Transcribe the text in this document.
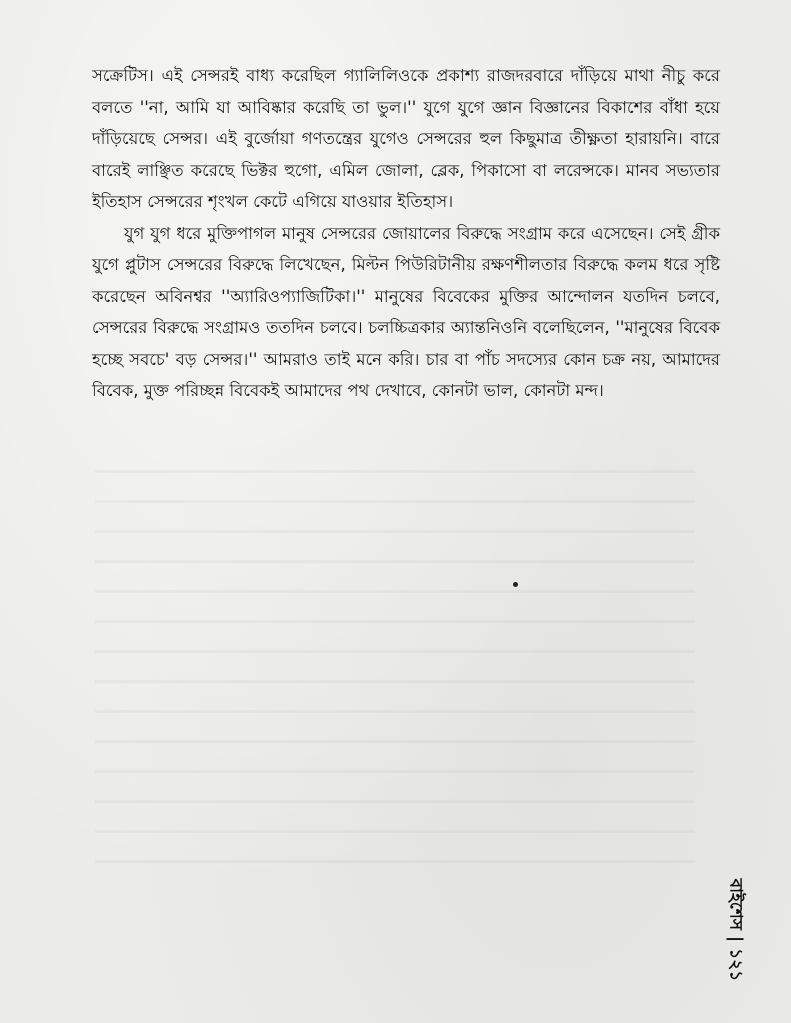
সক্রেটিস। এই সেন্সরই বাধ্য করেছিল গ্যালিলিওকে প্রকাশ্য রাজদরবারে দাঁড়িয়ে মাথা নীচু করে বলতে ''না, আমি যা আবিষ্কার করেছি তা ভুল।'' যুগে যুগে জ্ঞান বিজ্ঞানের বিকাশের বাঁধা হয়ে দাঁড়িয়েছে সেন্সর। এই বুর্জোয়া গণতন্ত্রের যুগেও সেন্সরের হুল কিছুমাত্র তীক্ষ্ণতা হারায়নি। বারে বারেই লাঞ্ছিত করেছে ভিক্টর হুগো, এমিল জোলা, ব্লেক, পিকাসো বা লরেন্সকে। মানব সভ্যতার ইতিহাস সেন্সরের শৃংখল কেটে এগিয়ে যাওয়ার ইতিহাস।

যুগ যুগ ধরে মুক্তিপাগল মানুষ সেন্সরের জোয়ালের বিরুদ্ধে সংগ্রাম করে এসেছেন। সেই গ্রীক যুগে প্লুটাস সেন্সরের বিরুদ্ধে লিখেছেন, মিল্টন পিউরিটানীয় রক্ষণশীলতার বিরুদ্ধে কলম ধরে সৃষ্টি করেছেন অবিনশ্বর ''অ্যারিওপ্যাজিটিকা।'' মানুষের বিবেকের মুক্তির আন্দোলন যতদিন চলবে, সেন্সরের বিরুদ্ধে সংগ্রামও ততদিন চলবে। চলচ্চিত্রকার অ্যান্তনিওনি বলেছিলেন, ''মানুষের বিবেক হচ্ছে সবচে' বড় সেন্সর।'' আমরাও তাই মনে করি। চার বা পাঁচ সদস্যের কোন চক্র নয়, আমাদের বিবেক, মুক্ত পরিচ্ছন্ন বিবেকই আমাদের পথ দেখাবে, কোনটা ভাল, কোনটা মন্দ।

বাইশেস|১২১
